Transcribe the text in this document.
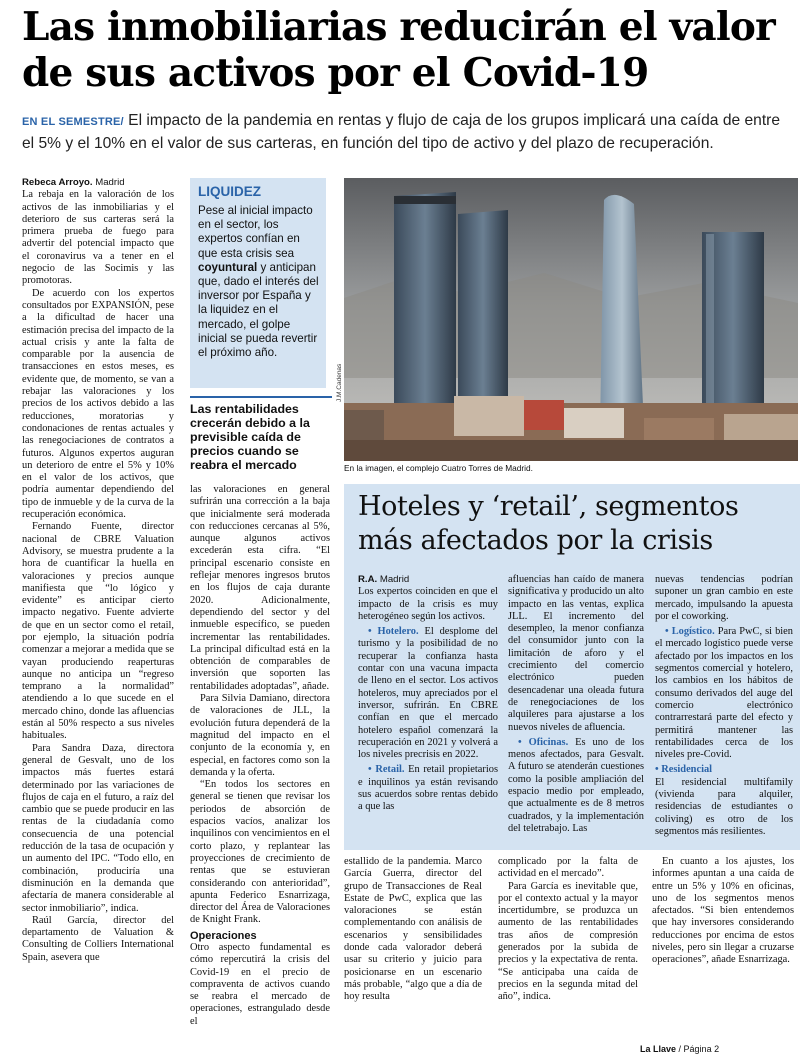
Las inmobiliarias reducirán el valor de sus activos por el Covid-19
EN EL SEMESTRE/ El impacto de la pandemia en rentas y flujo de caja de los grupos implicará una caída de entre el 5% y el 10% en el valor de sus carteras, en función del tipo de activo y del plazo de recuperación.

Rebeca Arroyo. Madrid

La rebaja en la valoración de los activos de las inmobiliarias y el deterioro de sus carteras será la primera prueba de fuego para advertir del potencial impacto que el coronavirus va a tener en el negocio de las Socimis y las promotoras.

De acuerdo con los expertos consultados por EXPANSIÓN, pese a la dificultad de hacer una estimación precisa del impacto de la actual crisis y ante la falta de comparable por la ausencia de transacciones en estos meses, es evidente que, de momento, se van a rebajar las valoraciones y los precios de los activos debido a las reducciones, moratorias y condonaciones de rentas actuales y las renegociaciones de contratos a futuros. Algunos expertos auguran un deterioro de entre el 5% y 10% en el valor de los activos, que podría aumentar dependiendo del tipo de inmueble y de la curva de la recuperación económica.

Fernando Fuente, director nacional de CBRE Valuation Advisory, se muestra prudente a la hora de cuantificar la huella en valoraciones y precios aunque manifiesta que “lo lógico y evidente” es anticipar cierto impacto negativo. Fuente advierte de que en un sector como el retail, por ejemplo, la situación podría comenzar a mejorar a medida que se vayan produciendo reaperturas aunque no anticipa un “regreso temprano a la normalidad” atendiendo a lo que sucede en el mercado chino, donde las afluencias están al 50% respecto a sus niveles habituales.

Para Sandra Daza, directora general de Gesvalt, uno de los impactos más fuertes estará determinado por las variaciones de flujos de caja en el futuro, a raíz del cambio que se puede producir en las rentas de la ciudadanía como consecuencia de una potencial reducción de la tasa de ocupación y un aumento del IPC. “Todo ello, en combinación, produciría una disminución en la demanda que afectaría de manera considerable al sector inmobiliario”, indica.

Raúl García, director del departamento de Valuation & Consulting de Colliers International Spain, asevera que

LIQUIDEZ
Pese al inicial impacto en el sector, los expertos confían en que esta crisis sea coyuntural y anticipan que, dado el interés del inversor por España y la liquidez en el mercado, el golpe inicial se pueda revertir el próximo año.
Las rentabilidades crecerán debido a la previsible caída de precios cuando se reabra el mercado

las valoraciones en general sufrirán una corrección a la baja que inicialmente será moderada con reducciones cercanas al 5%, aunque algunos activos excederán esta cifra. “El principal escenario consiste en reflejar menores ingresos brutos en los flujos de caja durante 2020. Adicionalmente, dependiendo del sector y del inmueble específico, se pueden incrementar las rentabilidades. La principal dificultad está en la obtención de comparables de inversión que soporten las rentabilidades adoptadas”, añade.

Para Silvia Damiano, directora de valoraciones de JLL, la evolución futura dependerá de la magnitud del impacto en el conjunto de la economía y, en especial, en factores como son la demanda y la oferta.

“En todos los sectores en general se tienen que revisar los periodos de absorción de espacios vacíos, analizar los inquilinos con vencimientos en el corto plazo, y replantear las proyecciones de crecimiento de rentas que se estuvieran considerando con anterioridad”, apunta Federico Esnarrizaga, director del Área de Valoraciones de Knight Frank.

Operaciones

Otro aspecto fundamental es cómo repercutirá la crisis del Covid-19 en el precio de compraventa de activos cuando se reabra el mercado de operaciones, estrangulado desde el

J.M.Cadenas
En la imagen, el complejo Cuatro Torres de Madrid.
Hoteles y ‘retail’, segmentos más afectados por la crisis

R.A. Madrid

Los expertos coinciden en que el impacto de la crisis es muy heterogéneo según los activos.

• Hotelero. El desplome del turismo y la posibilidad de no recuperar la confianza hasta contar con una vacuna impacta de lleno en el sector. Los activos hoteleros, muy apreciados por el inversor, sufrirán. En CBRE confían en que el mercado hotelero español comenzará la recuperación en 2021 y volverá a los niveles precrisis en 2022.

• Retail. En retail propietarios e inquilinos ya están revisando sus acuerdos sobre rentas debido a que las

afluencias han caído de manera significativa y producido un alto impacto en las ventas, explica JLL. El incremento del desempleo, la menor confianza del consumidor junto con la limitación de aforo y el crecimiento del comercio electrónico pueden desencadenar una oleada futura de renegociaciones de los alquileres para ajustarse a los nuevos niveles de afluencia.

• Oficinas. Es uno de los menos afectados, para Gesvalt. A futuro se atenderán cuestiones como la posible ampliación del espacio medio por empleado, que actualmente es de 8 metros cuadrados, y la implementación del teletrabajo. Las

nuevas tendencias podrían suponer un gran cambio en este mercado, impulsando la apuesta por el coworking.

• Logístico. Para PwC, si bien el mercado logístico puede verse afectado por los impactos en los segmentos comercial y hotelero, los cambios en los hábitos de consumo derivados del auge del comercio electrónico contrarrestará parte del efecto y permitirá mantener las rentabilidades cerca de los niveles pre-Covid.

• Residencial

El residencial multifamily (vivienda para alquiler, residencias de estudiantes o coliving) es otro de los segmentos más resilientes.

estallido de la pandemia. Marco García Guerra, director del grupo de Transacciones de Real Estate de PwC, explica que las valoraciones se están complementando con análisis de escenarios y sensibilidades donde cada valorador deberá usar su criterio y juicio para posicionarse en un escenario más probable, “algo que a día de hoy resulta

complicado por la falta de actividad en el mercado”.

Para García es inevitable que, por el contexto actual y la mayor incertidumbre, se produzca un aumento de las rentabilidades tras años de compresión generados por la subida de precios y la expectativa de renta. “Se anticipaba una caída de precios en la segunda mitad del año”, indica.

En cuanto a los ajustes, los informes apuntan a una caída de entre un 5% y 10% en oficinas, uno de los segmentos menos afectados. “Si bien entendemos que hay inversores considerando reducciones por encima de estos niveles, pero sin llegar a cruzarse operaciones”, añade Esnarrizaga.

La Llave / Página 2
